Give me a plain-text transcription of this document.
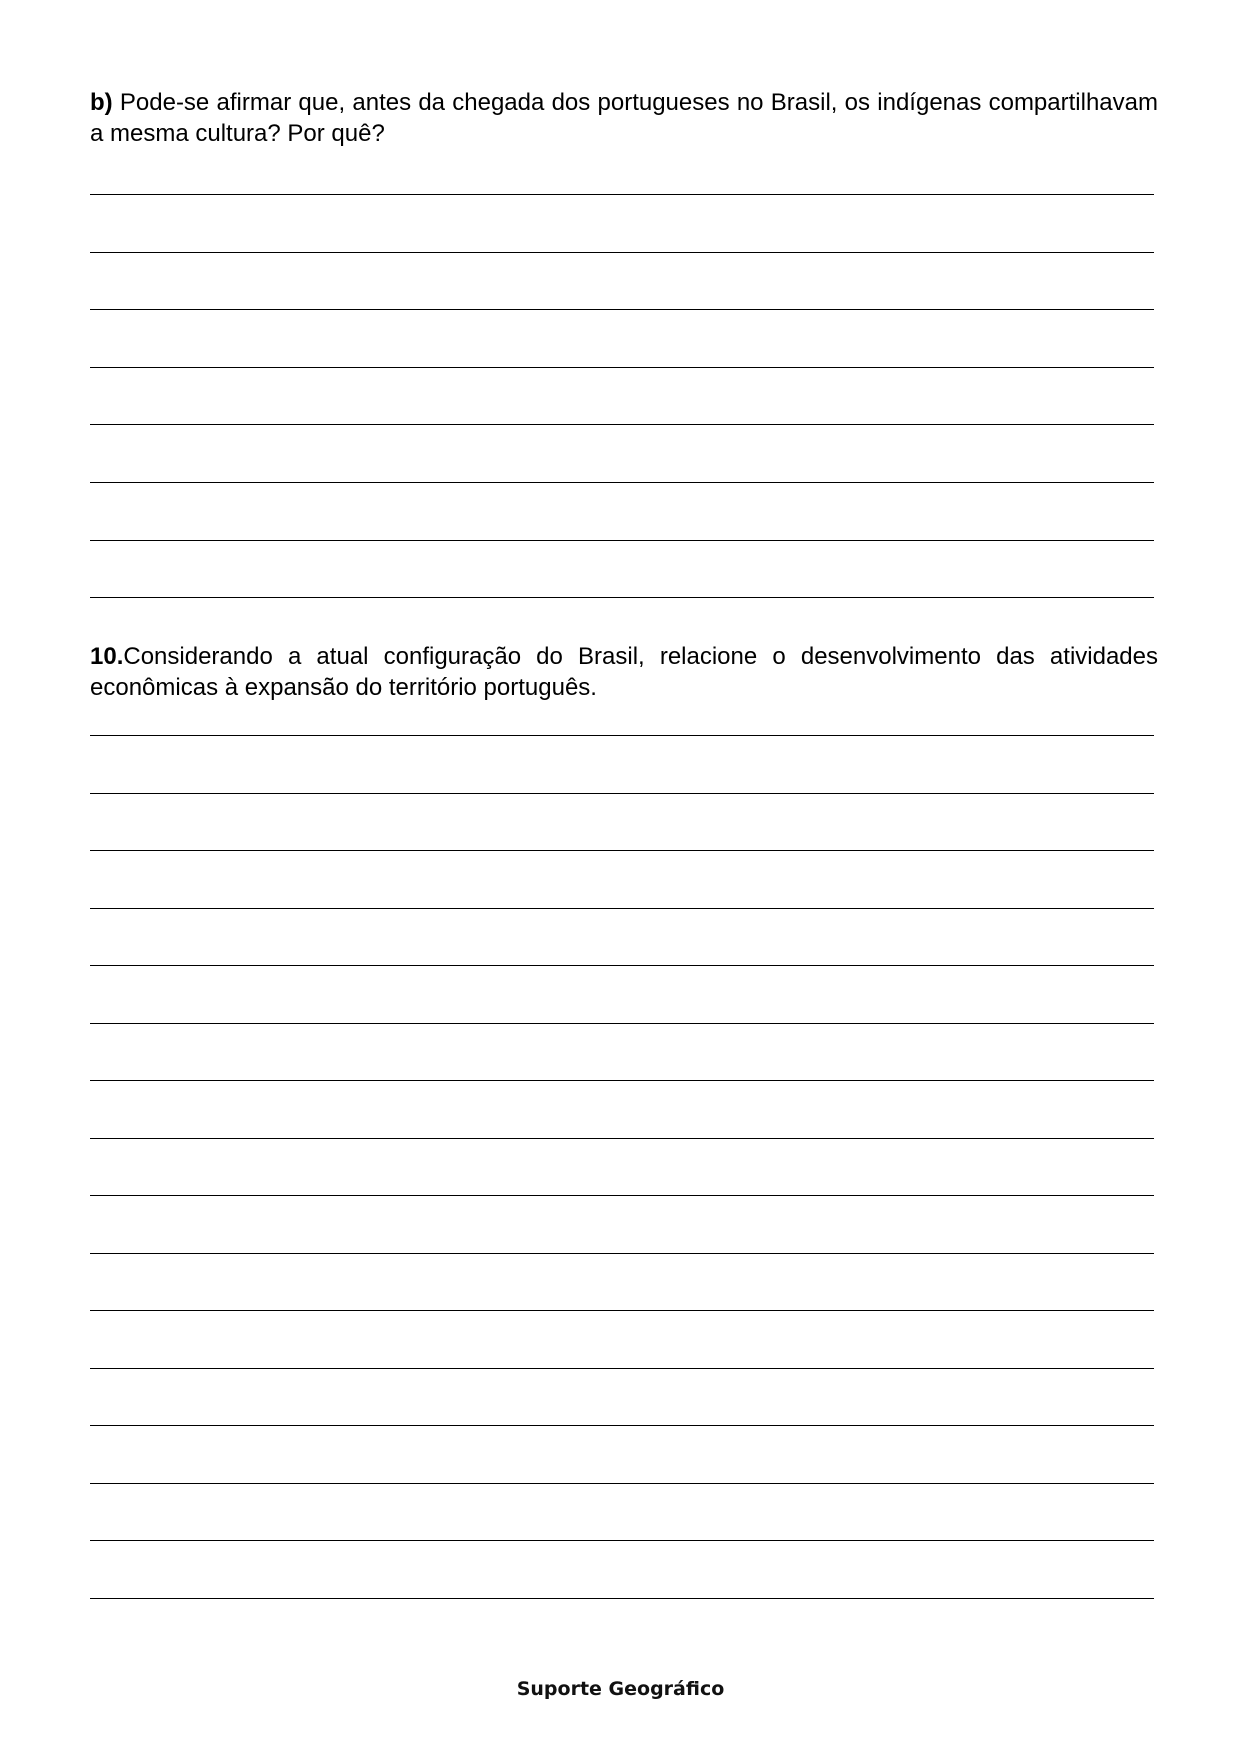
b) Pode-se afirmar que, antes da chegada dos portugueses no Brasil, os indígenas compartilhavam a mesma cultura? Por quê?

10.Considerando a atual configuração do Brasil, relacione o desenvolvimento das atividades econômicas à expansão do território português.

Suporte Geográfico
